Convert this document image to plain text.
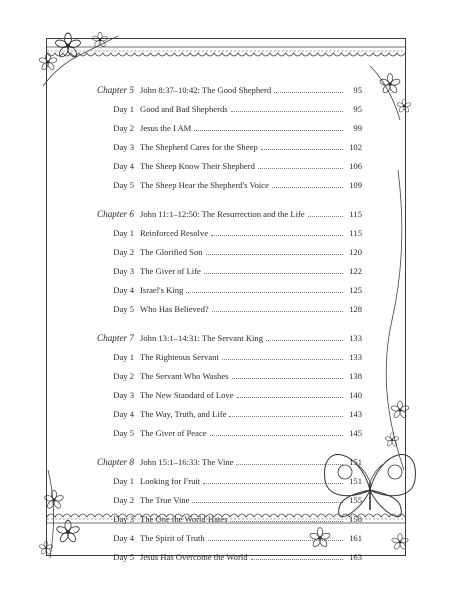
Chapter 5 John 8:37–10:42: The Good Shepherd	95
Day 1 Good and Bad Shepherds	95
Day 2 Jesus the I AM	99
Day 3 The Shepherd Cares for the Sheep	102
Day 4 The Sheep Know Their Shepherd	106
Day 5 The Sheep Hear the Shepherd's Voice	109
Chapter 6 John 11:1–12:50: The Resurrection and the Life	115
Day 1 Reinforced Resolve	115
Day 2 The Glorified Son	120
Day 3 The Giver of Life	122
Day 4 Israel's King	125
Day 5 Who Has Believed?	128
Chapter 7 John 13:1–14:31: The Servant King	133
Day 1 The Righteous Servant	133
Day 2 The Servant Who Washes	138
Day 3 The New Standard of Love	140
Day 4 The Way, Truth, and Life	143
Day 5 The Giver of Peace	145
Chapter 8 John 15:1–16:33: The Vine	151
Day 1 Looking for Fruit	151
Day 2 The True Vine	155
Day 3 The One the World Hates	158
Day 4 The Spirit of Truth	161
Day 5 Jesus Has Overcome the World	163
